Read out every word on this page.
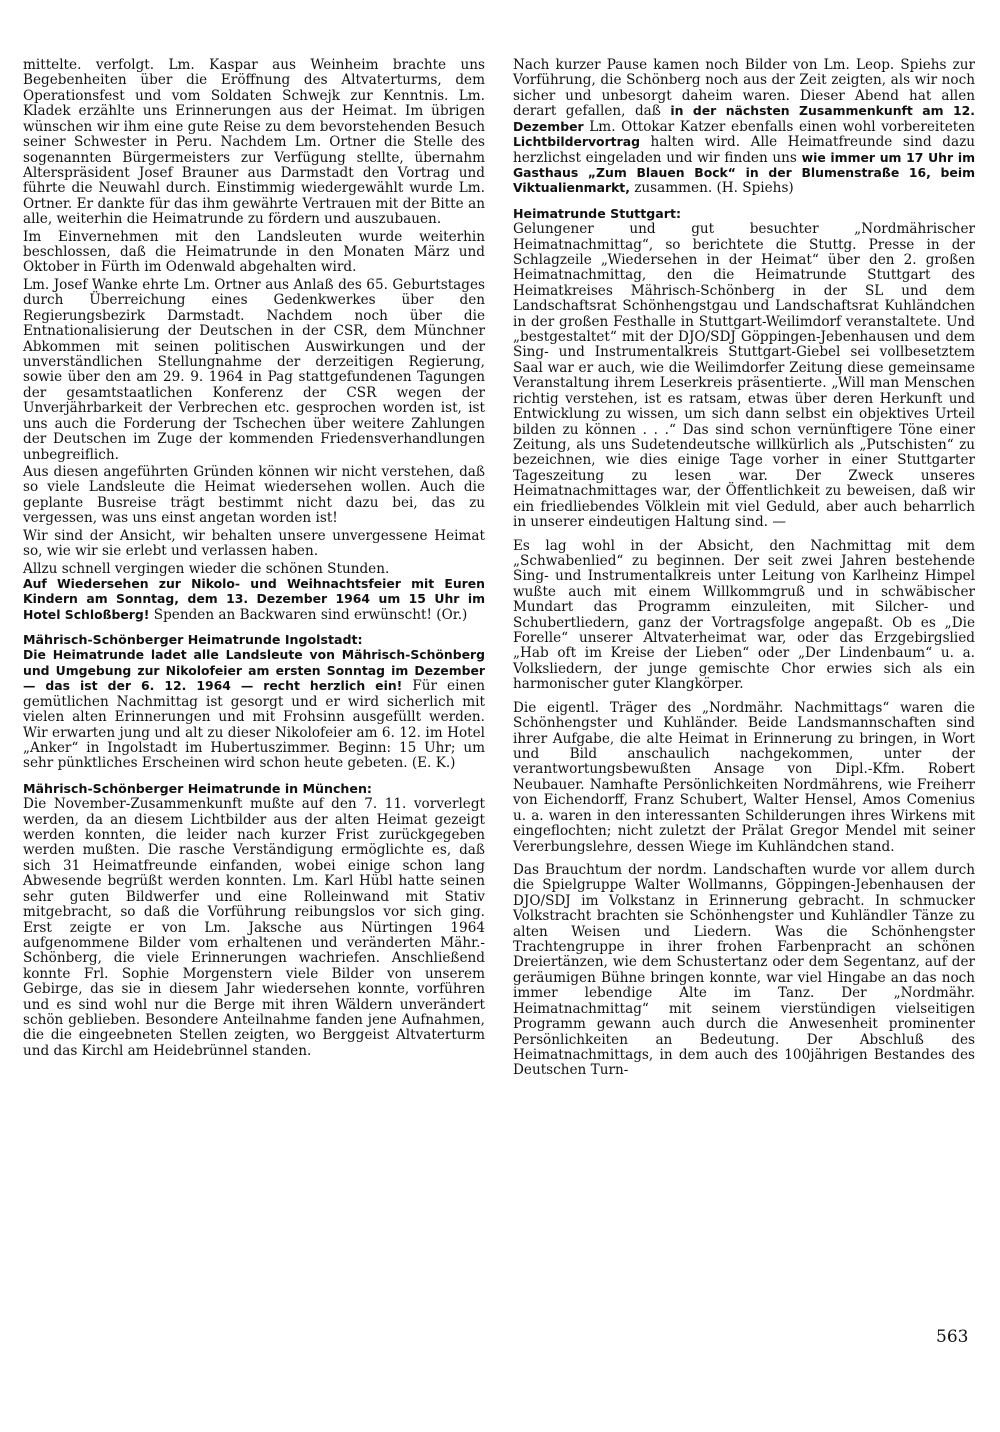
mittelte. verfolgt. Lm. Kaspar aus Weinheim brachte uns Begebenheiten über die Eröffnung des Altvaterturms, dem Operationsfest und vom Soldaten Schwejk zur Kenntnis. Lm. Kladek erzählte uns Erinnerungen aus der Heimat. Im übrigen wünschen wir ihm eine gute Reise zu dem bevorstehenden Besuch seiner Schwester in Peru. Nachdem Lm. Ortner die Stelle des sogenannten Bürgermeisters zur Verfügung stellte, übernahm Alterspräsident Josef Brauner aus Darmstadt den Vortrag und führte die Neuwahl durch. Einstimmig wiedergewählt wurde Lm. Ortner. Er dankte für das ihm gewährte Vertrauen mit der Bitte an alle, weiterhin die Heimatrunde zu fördern und auszubauen.

Im Einvernehmen mit den Landsleuten wurde weiterhin beschlossen, daß die Heimatrunde in den Monaten März und Oktober in Fürth im Odenwald abgehalten wird.

Lm. Josef Wanke ehrte Lm. Ortner aus Anlaß des 65. Geburtstages durch Überreichung eines Gedenkwerkes über den Regierungsbezirk Darmstadt. Nachdem noch über die Entnationalisierung der Deutschen in der CSR, dem Münchner Abkommen mit seinen politischen Auswirkungen und der unverständlichen Stellungnahme der derzeitigen Regierung, sowie über den am 29. 9. 1964 in Pag stattgefundenen Tagungen der gesamtstaatlichen Konferenz der CSR wegen der Unverjährbarkeit der Verbrechen etc. gesprochen worden ist, ist uns auch die Forderung der Tschechen über weitere Zahlungen der Deutschen im Zuge der kommenden Friedensverhandlungen unbegreiflich.

Aus diesen angeführten Gründen können wir nicht verstehen, daß so viele Landsleute die Heimat wiedersehen wollen. Auch die geplante Busreise trägt bestimmt nicht dazu bei, das zu vergessen, was uns einst angetan worden ist!

Wir sind der Ansicht, wir behalten unsere unvergessene Heimat so, wie wir sie erlebt und verlassen haben.

Allzu schnell vergingen wieder die schönen Stunden.
Auf Wiedersehen zur Nikolo- und Weihnachtsfeier mit Euren Kindern am Sonntag, dem 13. Dezember 1964 um 15 Uhr im Hotel Schloßberg! Spenden an Backwaren sind erwünscht! (Or.)

Mährisch-Schönberger Heimatrunde Ingolstadt:

Die Heimatrunde ladet alle Landsleute von Mährisch-Schönberg und Umgebung zur Nikolofeier am ersten Sonntag im Dezember — das ist der 6. 12. 1964 — recht herzlich ein! Für einen gemütlichen Nachmittag ist gesorgt und er wird sicherlich mit vielen alten Erinnerungen und mit Frohsinn ausgefüllt werden. Wir erwarten jung und alt zu dieser Nikolofeier am 6. 12. im Hotel „Anker“ in Ingolstadt im Hubertuszimmer. Beginn: 15 Uhr; um sehr pünktliches Erscheinen wird schon heute gebeten. (E. K.)

Mährisch-Schönberger Heimatrunde in München:

Die November-Zusammenkunft mußte auf den 7. 11. vorverlegt werden, da an diesem Lichtbilder aus der alten Heimat gezeigt werden konnten, die leider nach kurzer Frist zurückgegeben werden mußten. Die rasche Verständigung ermöglichte es, daß sich 31 Heimatfreunde einfanden, wobei einige schon lang Abwesende begrüßt werden konnten. Lm. Karl Hübl hatte seinen sehr guten Bildwerfer und eine Rolleinwand mit Stativ mitgebracht, so daß die Vorführung reibungslos vor sich ging. Erst zeigte er von Lm. Jaksche aus Nürtingen 1964 aufgenommene Bilder vom erhaltenen und veränderten Mähr.-Schönberg, die viele Erinnerungen wachriefen. Anschließend konnte Frl. Sophie Morgenstern viele Bilder von unserem Gebirge, das sie in diesem Jahr wiedersehen konnte, vorführen und es sind wohl nur die Berge mit ihren Wäldern unverändert schön geblieben. Besondere Anteilnahme fanden jene Aufnahmen, die die eingeebneten Stellen zeigten, wo Berggeist Altvaterturm und das Kirchl am Heidebrünnel standen.

Nach kurzer Pause kamen noch Bilder von Lm. Leop. Spiehs zur Vorführung, die Schönberg noch aus der Zeit zeigten, als wir noch sicher und unbesorgt daheim waren. Dieser Abend hat allen derart gefallen, daß in der nächsten Zusammenkunft am 12. Dezember Lm. Ottokar Katzer ebenfalls einen wohl vorbereiteten Lichtbildervortrag halten wird. Alle Heimatfreunde sind dazu herzlichst eingeladen und wir finden uns wie immer um 17 Uhr im Gasthaus „Zum Blauen Bock“ in der Blumenstraße 16, beim Viktualienmarkt, zusammen. (H. Spiehs)

Heimatrunde Stuttgart:

Gelungener und gut besuchter „Nordmährischer Heimatnachmittag“, so berichtete die Stuttg. Presse in der Schlagzeile „Wiedersehen in der Heimat“ über den 2. großen Heimatnachmittag, den die Heimatrunde Stuttgart des Heimatkreises Mährisch-Schönberg in der SL und dem Landschaftsrat Schönhengstgau und Landschaftsrat Kuhländchen in der großen Festhalle in Stuttgart-Weilimdorf veranstaltete. Und „bestgestaltet“ mit der DJO/SDJ Göppingen-Jebenhausen und dem Sing- und Instrumentalkreis Stuttgart-Giebel sei vollbesetztem Saal war er auch, wie die Weilimdorfer Zeitung diese gemeinsame Veranstaltung ihrem Leserkreis präsentierte. „Will man Menschen richtig verstehen, ist es ratsam, etwas über deren Herkunft und Entwicklung zu wissen, um sich dann selbst ein objektives Urteil bilden zu können . . .“ Das sind schon vernünftigere Töne einer Zeitung, als uns Sudetendeutsche willkürlich als „Putschisten“ zu bezeichnen, wie dies einige Tage vorher in einer Stuttgarter Tageszeitung zu lesen war. Der Zweck unseres Heimatnachmittages war, der Öffentlichkeit zu beweisen, daß wir ein friedliebendes Völklein mit viel Geduld, aber auch beharrlich in unserer eindeutigen Haltung sind. —

Es lag wohl in der Absicht, den Nachmittag mit dem „Schwabenlied“ zu beginnen. Der seit zwei Jahren bestehende Sing- und Instrumentalkreis unter Leitung von Karlheinz Himpel wußte auch mit einem Willkommgruß und in schwäbischer Mundart das Programm einzuleiten, mit Silcher- und Schubertliedern, ganz der Vortragsfolge angepaßt. Ob es „Die Forelle“ unserer Altvaterheimat war, oder das Erzgebirgslied „Hab oft im Kreise der Lieben“ oder „Der Lindenbaum“ u. a. Volksliedern, der junge gemischte Chor erwies sich als ein harmonischer guter Klangkörper.

Die eigentl. Träger des „Nordmähr. Nachmittags“ waren die Schönhengster und Kuhländer. Beide Landsmannschaften sind ihrer Aufgabe, die alte Heimat in Erinnerung zu bringen, in Wort und Bild anschaulich nachgekommen, unter der verantwortungsbewußten Ansage von Dipl.-Kfm. Robert Neubauer. Namhafte Persönlichkeiten Nordmährens, wie Freiherr von Eichendorff, Franz Schubert, Walter Hensel, Amos Comenius u. a. waren in den interessanten Schilderungen ihres Wirkens mit eingeflochten; nicht zuletzt der Prälat Gregor Mendel mit seiner Vererbungslehre, dessen Wiege im Kuhländchen stand.

Das Brauchtum der nordm. Landschaften wurde vor allem durch die Spielgruppe Walter Wollmanns, Göppingen-Jebenhausen der DJO/SDJ im Volkstanz in Erinnerung gebracht. In schmucker Volkstracht brachten sie Schönhengster und Kuhländler Tänze zu alten Weisen und Liedern. Was die Schönhengster Trachtengruppe in ihrer frohen Farbenpracht an schönen Dreiertänzen, wie dem Schustertanz oder dem Segentanz, auf der geräumigen Bühne bringen konnte, war viel Hingabe an das noch immer lebendige Alte im Tanz. Der „Nordmähr. Heimatnachmittag“ mit seinem vierstündigen vielseitigen Programm gewann auch durch die Anwesenheit prominenter Persönlichkeiten an Bedeutung. Der Abschluß des Heimatnachmittags, in dem auch des 100jährigen Bestandes des Deutschen Turn-

563
